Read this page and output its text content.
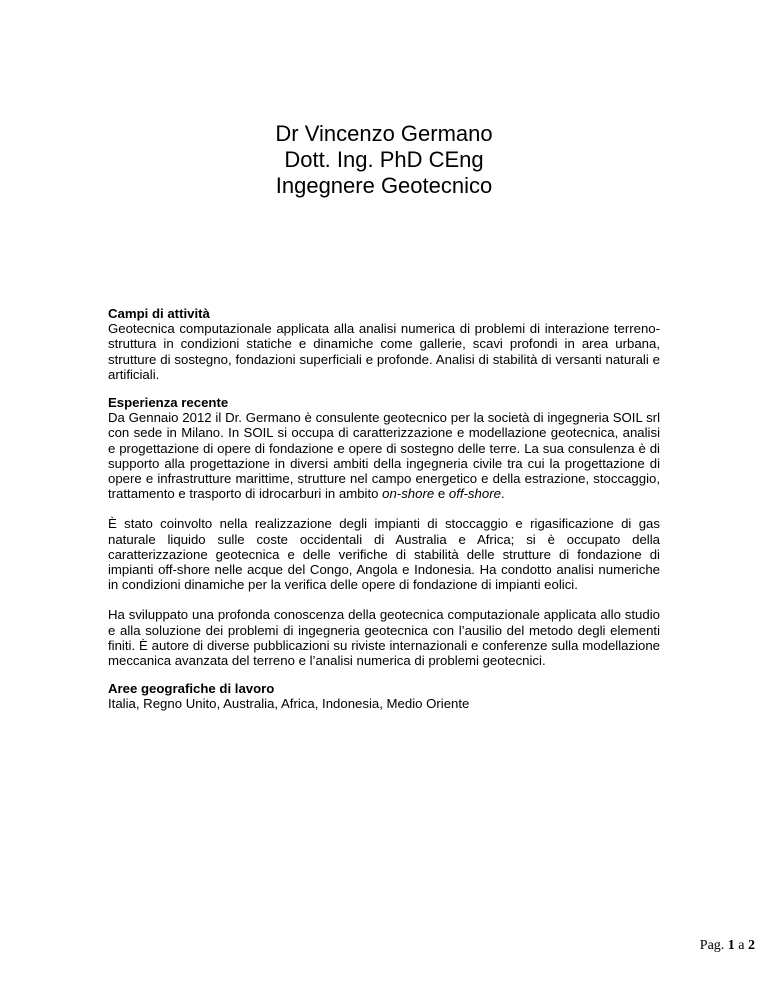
Dr Vincenzo Germano
Dott. Ing. PhD CEng
Ingegnere Geotecnico

Campi di attività

Geotecnica computazionale applicata alla analisi numerica di problemi di interazione terreno-struttura in condizioni statiche e dinamiche come gallerie, scavi profondi in area urbana, strutture di sostegno, fondazioni superficiali e profonde. Analisi di stabilità di versanti naturali e artificiali.

Esperienza recente

Da Gennaio 2012 il Dr. Germano è consulente geotecnico per la società di ingegneria SOIL srl con sede in Milano. In SOIL si occupa di caratterizzazione e modellazione geotecnica, analisi e progettazione di opere di fondazione e opere di sostegno delle terre. La sua consulenza è di supporto alla progettazione in diversi ambiti della ingegneria civile tra cui la progettazione di opere e infrastrutture marittime, strutture nel campo energetico e della estrazione, stoccaggio, trattamento e trasporto di idrocarburi in ambito on-shore e off-shore.

È stato coinvolto nella realizzazione degli impianti di stoccaggio e rigasificazione di gas naturale liquido sulle coste occidentali di Australia e Africa; si è occupato della caratterizzazione geotecnica e delle verifiche di stabilità delle strutture di fondazione di impianti off-shore nelle acque del Congo, Angola e Indonesia. Ha condotto analisi numeriche in condizioni dinamiche per la verifica delle opere di fondazione di impianti eolici.

Ha sviluppato una profonda conoscenza della geotecnica computazionale applicata allo studio e alla soluzione dei problemi di ingegneria geotecnica con l’ausilio del metodo degli elementi finiti. È autore di diverse pubblicazioni su riviste internazionali e conferenze sulla modellazione meccanica avanzata del terreno e l’analisi numerica di problemi geotecnici.

Aree geografiche di lavoro

Italia, Regno Unito, Australia, Africa, Indonesia, Medio Oriente

Pag. 1 a 2
